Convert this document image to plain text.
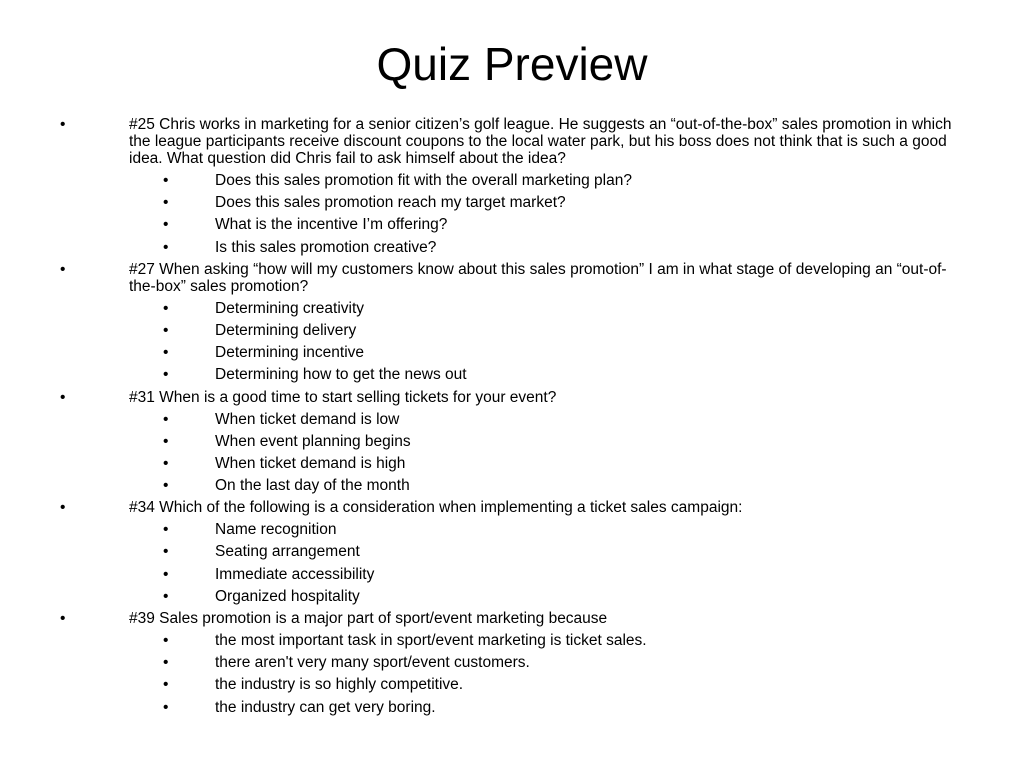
Quiz Preview
•	#25 Chris works in marketing for a senior citizen’s golf league. He suggests an “out-of-the-box” sales promotion in which the league participants receive discount coupons to the local water park, but his boss does not think that is such a good idea. What question did Chris fail to ask himself about the idea?
•	Does this sales promotion fit with the overall marketing plan?
•	Does this sales promotion reach my target market?
•	What is the incentive I’m offering?
•	Is this sales promotion creative?
•	#27 When asking “how will my customers know about this sales promotion” I am in what stage of developing an “out-of-the-box” sales promotion?
•	Determining creativity
•	Determining delivery
•	Determining incentive
•	Determining how to get the news out
•	#31 When is a good time to start selling tickets for your event?
•	When ticket demand is low
•	When event planning begins
•	When ticket demand is high
•	On the last day of the month
•	#34 Which of the following is a consideration when implementing a ticket sales campaign:
•	Name recognition
•	Seating arrangement
•	Immediate accessibility
•	Organized hospitality
•	#39 Sales promotion is a major part of sport/event marketing because
•	the most important task in sport/event marketing is ticket sales.
•	there aren't very many sport/event customers.
•	the industry is so highly competitive.
•	the industry can get very boring.
